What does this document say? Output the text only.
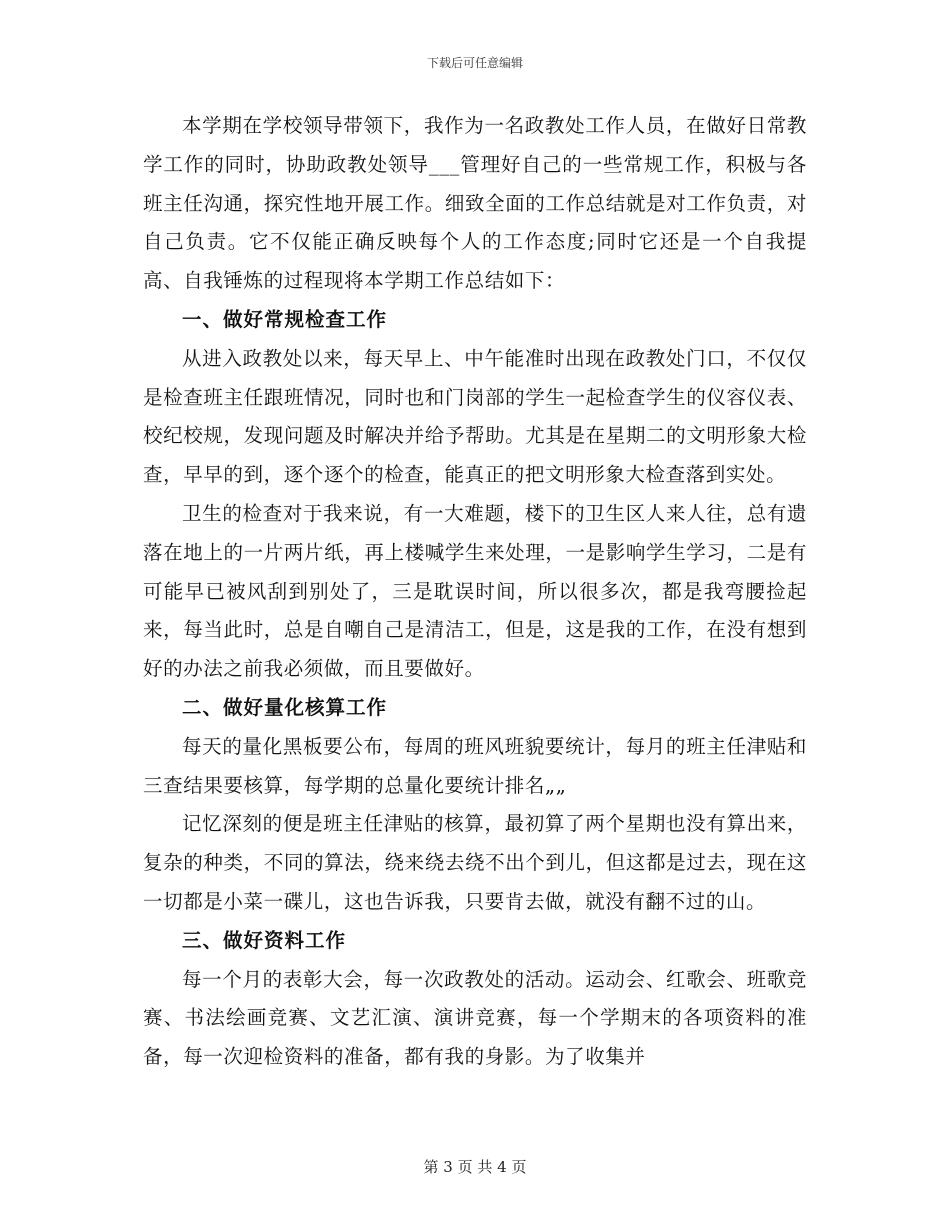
下载后可任意编辑

本学期在学校领导带领下，我作为一名政教处工作人员，在做好日常教学工作的同时，协助政教处领导___管理好自己的一些常规工作，积极与各班主任沟通，探究性地开展工作。细致全面的工作总结就是对工作负责，对自己负责。它不仅能正确反映每个人的工作态度;同时它还是一个自我提高、自我锤炼的过程现将本学期工作总结如下：

一、做好常规检查工作

从进入政教处以来，每天早上、中午能准时出现在政教处门口，不仅仅是检查班主任跟班情况，同时也和门岗部的学生一起检查学生的仪容仪表、校纪校规，发现问题及时解决并给予帮助。尤其是在星期二的文明形象大检查，早早的到，逐个逐个的检查，能真正的把文明形象大检查落到实处。

卫生的检查对于我来说，有一大难题，楼下的卫生区人来人往，总有遗落在地上的一片两片纸，再上楼喊学生来处理，一是影响学生学习，二是有可能早已被风刮到别处了，三是耽误时间，所以很多次，都是我弯腰捡起来，每当此时，总是自嘲自己是清洁工，但是，这是我的工作，在没有想到好的办法之前我必须做，而且要做好。

二、做好量化核算工作

每天的量化黑板要公布，每周的班风班貌要统计，每月的班主任津贴和三查结果要核算，每学期的总量化要统计排名„„

记忆深刻的便是班主任津贴的核算，最初算了两个星期也没有算出来，复杂的种类，不同的算法，绕来绕去绕不出个到儿，但这都是过去，现在这一切都是小菜一碟儿，这也告诉我，只要肯去做，就没有翻不过的山。

三、做好资料工作

每一个月的表彰大会，每一次政教处的活动。运动会、红歌会、班歌竞赛、书法绘画竞赛、文艺汇演、演讲竞赛，每一个学期末的各项资料的准备，每一次迎检资料的准备，都有我的身影。为了收集并

第 3 页 共 4 页
